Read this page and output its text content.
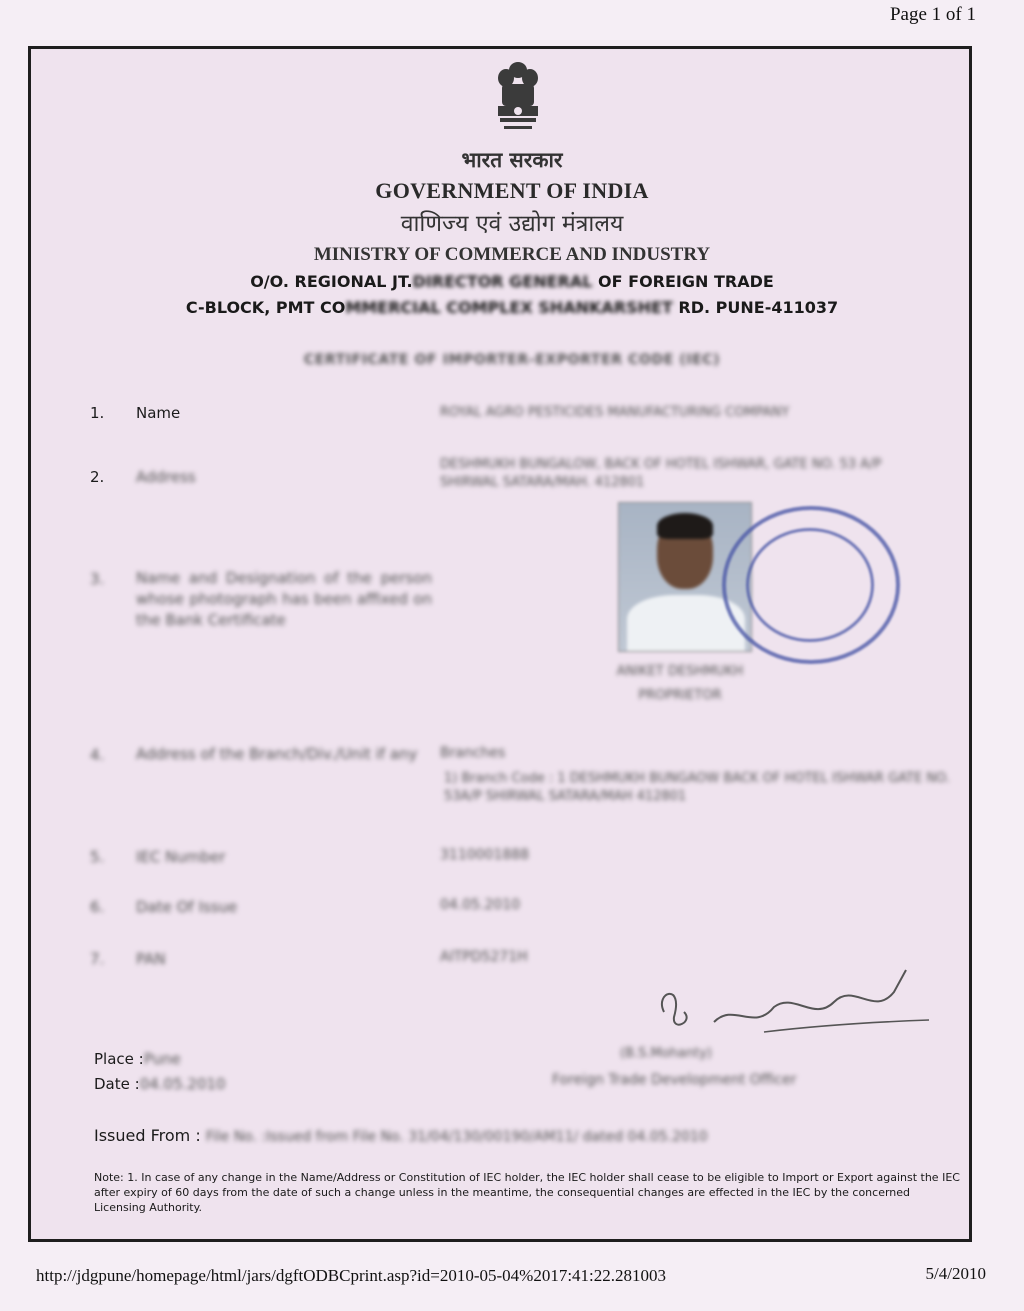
Page 1 of 1
भारत सरकार
GOVERNMENT OF INDIA
वाणिज्य एवं उद्योग मंत्रालय
MINISTRY OF COMMERCE AND INDUSTRY
O/O. REGIONAL JT.DIRECTOR GENERAL OF FOREIGN TRADE
C-BLOCK, PMT COMMERCIAL COMPLEX SHANKARSHET RD. PUNE-411037
CERTIFICATE OF IMPORTER-EXPORTER CODE (IEC)
1. Name	ROYAL AGRO PESTICIDES MANUFACTURING COMPANY
2. Address
DESHMUKH BUNGALOW, BACK OF HOTEL ISHWAR, GATE NO. 53 A/P SHIRWAL SATARA/MAH. 412801
3. Name and Designation of the person whose photograph has been affixed on the Bank Certificate
ANIKET DESHMUKH
PROPRIETOR
4. Address of the Branch/Div./Unit if any	Branches
1) Branch Code : 1 DESHMUKH BUNGAOW BACK OF HOTEL ISHWAR GATE NO. 53A/P SHIRWAL SATARA/MAH 412801
5. IEC Number	3110001888
6. Date Of Issue	04.05.2010
7. PAN	AITPD5271H
Place :Pune
Date :04.05.2010
(B.S.Mohanty)
Foreign Trade Development Officer
Issued From : File No. :Issued from File No. 31/04/130/00190/AM11/ dated 04.05.2010
Note: 1. In case of any change in the Name/Address or Constitution of IEC holder, the IEC holder shall cease to be eligible to Import or Export against the IEC after expiry of 60 days from the date of such a change unless in the meantime, the consequential changes are effected in the IEC by the concerned Licensing Authority.
http://jdgpune/homepage/html/jars/dgftODBCprint.asp?id=2010-05-04%2017:41:22.281003	5/4/2010
